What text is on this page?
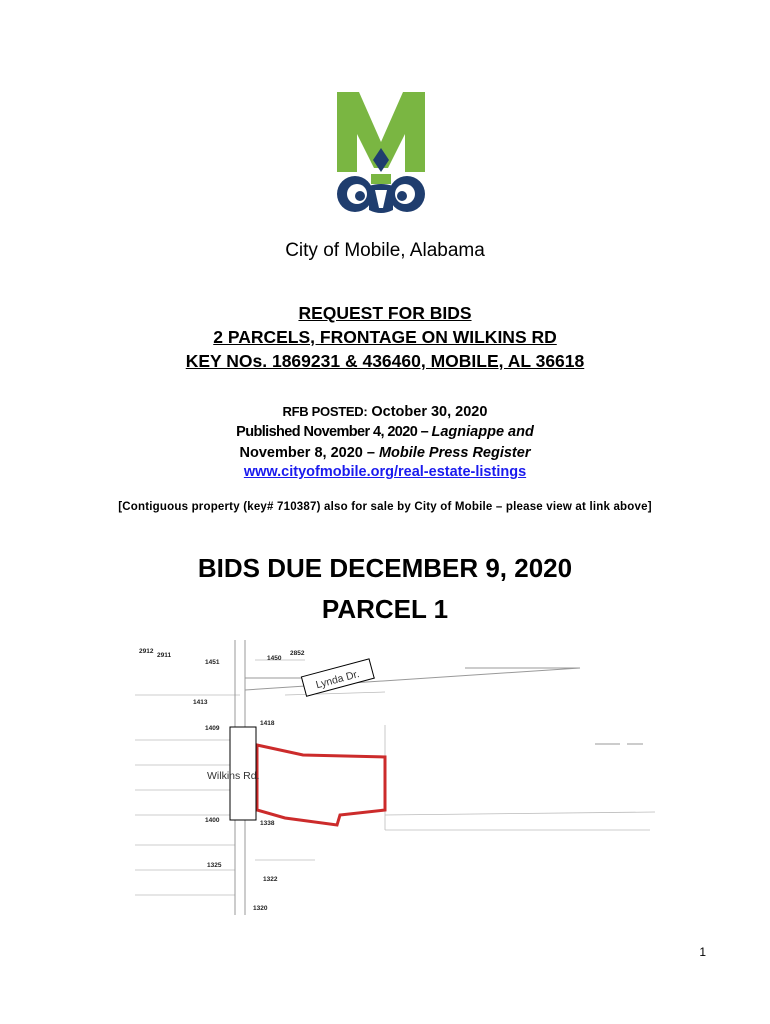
City of Mobile, Alabama
REQUEST FOR BIDS
2 PARCELS, FRONTAGE ON WILKINS RD
KEY NOs. 1869231 & 436460, MOBILE, AL 36618
RFB POSTED: October 30, 2020
Published November 4, 2020 – Lagniappe and
November 8, 2020 – Mobile Press Register
www.cityofmobile.org/real-estate-listings
[Contiguous property (key# 710387) also for sale by City of Mobile – please view at link above]
BIDS DUE DECEMBER 9, 2020
PARCEL 1
Wilkins Rd.
Lynda Dr.
2912
2911
1451
1450
2852
1413
1409
1418
1400	1338
1325
1322
1320
1
